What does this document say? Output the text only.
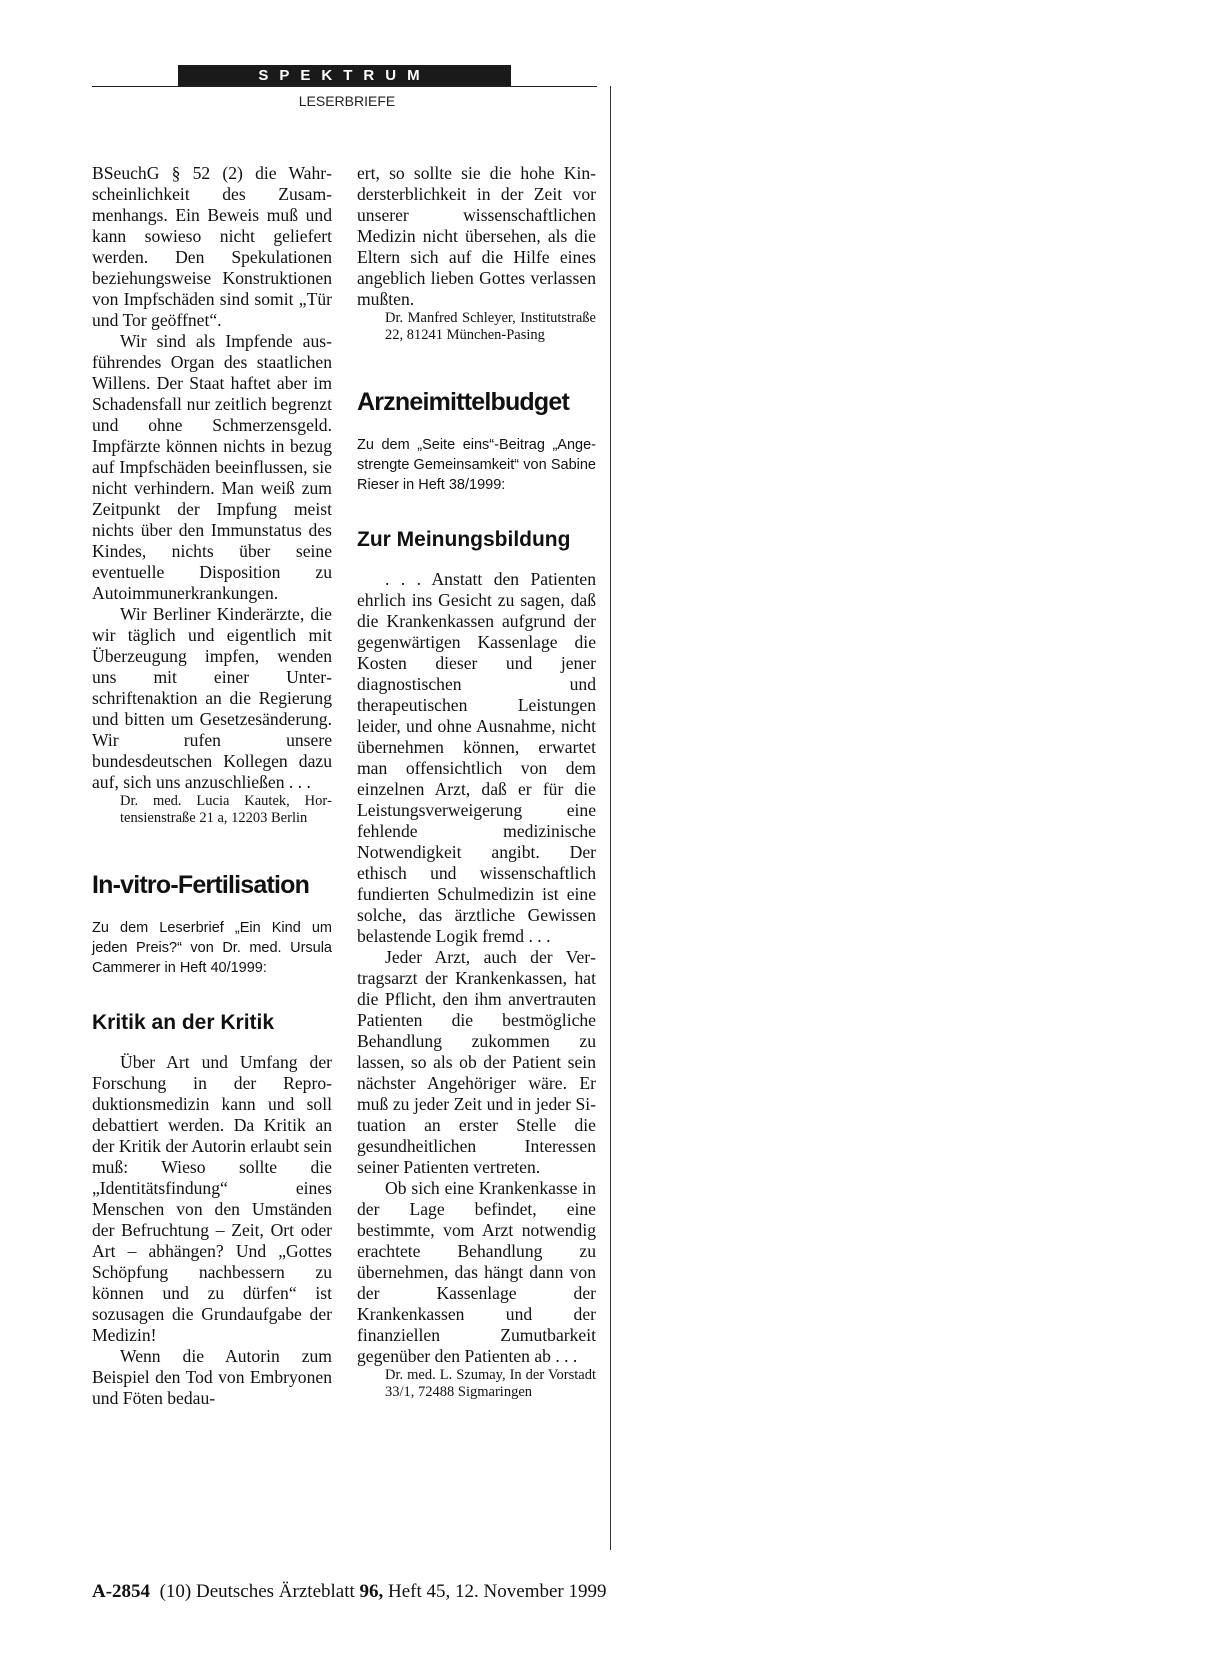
SPEKTRUM
LESERBRIEFE

BSeuchG § 52 (2) die Wahrscheinlichkeit des Zusammenhangs. Ein Beweis muß und kann sowieso nicht geliefert werden. Den Spekulationen beziehungsweise Konstruktionen von Impfschäden sind somit „Tür und Tor geöffnet“.

Wir sind als Impfende ausführendes Organ des staatlichen Willens. Der Staat haftet aber im Schadensfall nur zeitlich begrenzt und ohne Schmerzensgeld. Impfärzte können nichts in bezug auf Impfschäden beeinflussen, sie nicht verhindern. Man weiß zum Zeitpunkt der Impfung meist nichts über den Immunstatus des Kindes, nichts über seine eventuelle Disposition zu Autoimmunerkrankungen.

Wir Berliner Kinderärzte, die wir täglich und eigentlich mit Überzeugung impfen, wenden uns mit einer Unterschriftenaktion an die Regierung und bitten um Gesetzesänderung. Wir rufen unsere bundesdeutschen Kollegen dazu auf, sich uns anzuschließen . . .

Dr. med. Lucia Kautek, Hortensienstraße 21 a, 12203 Berlin

In-vitro-Fertilisation

Zu dem Leserbrief „Ein Kind um jeden Preis?“ von Dr. med. Ursula Cammerer in Heft 40/1999:

Kritik an der Kritik

Über Art und Umfang der Forschung in der Reproduktionsmedizin kann und soll debattiert werden. Da Kritik an der Kritik der Autorin erlaubt sein muß: Wieso sollte die „Identitätsfindung“ eines Menschen von den Umständen der Befruchtung – Zeit, Ort oder Art – abhängen? Und „Gottes Schöpfung nachbessern zu können und zu dürfen“ ist sozusagen die Grundaufgabe der Medizin!

Wenn die Autorin zum Beispiel den Tod von Embryonen und Föten bedau-

ert, so sollte sie die hohe Kindersterblichkeit in der Zeit vor unserer wissenschaftlichen Medizin nicht übersehen, als die Eltern sich auf die Hilfe eines angeblich lieben Gottes verlassen mußten.

Dr. Manfred Schleyer, Institutstraße 22, 81241 München-Pasing

Arzneimittelbudget

Zu dem „Seite eins“-Beitrag „Angestrengte Gemeinsamkeit“ von Sabine Rieser in Heft 38/1999:

Zur Meinungsbildung

. . . Anstatt den Patienten ehrlich ins Gesicht zu sagen, daß die Krankenkassen aufgrund der gegenwärtigen Kassenlage die Kosten dieser und jener diagnostischen und therapeutischen Leistungen leider, und ohne Ausnahme, nicht übernehmen können, erwartet man offensichtlich von dem einzelnen Arzt, daß er für die Leistungsverweigerung eine fehlende medizinische Notwendigkeit angibt. Der ethisch und wissenschaftlich fundierten Schulmedizin ist eine solche, das ärztliche Gewissen belastende Logik fremd . . .

Jeder Arzt, auch der Vertragsarzt der Krankenkassen, hat die Pflicht, den ihm anvertrauten Patienten die bestmögliche Behandlung zukommen zu lassen, so als ob der Patient sein nächster Angehöriger wäre. Er muß zu jeder Zeit und in jeder Situation an erster Stelle die gesundheitlichen Interessen seiner Patienten vertreten.

Ob sich eine Krankenkasse in der Lage befindet, eine bestimmte, vom Arzt notwendig erachtete Behandlung zu übernehmen, das hängt dann von der Kassenlage der Krankenkassen und der finanziellen Zumutbarkeit gegenüber den Patienten ab . . .

Dr. med. L. Szumay, In der Vorstadt 33/1, 72488 Sigmaringen

A-2854 (10) Deutsches Ärzteblatt 96, Heft 45, 12. November 1999
